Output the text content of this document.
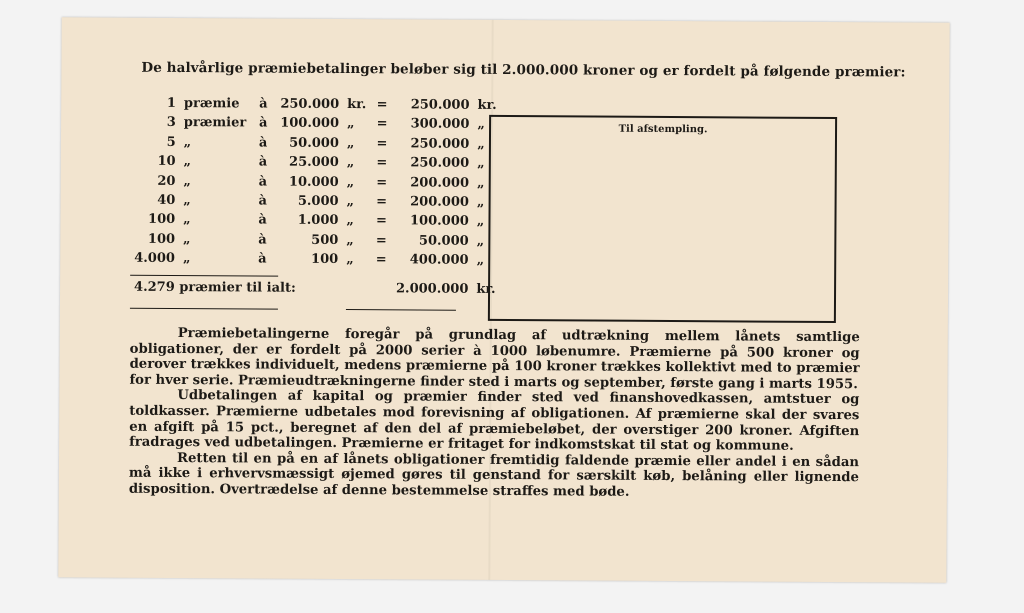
De halvårlige præmiebetalinger beløber sig til 2.000.000 kroner og er fordelt på følgende præmier:
1	præmie	à	250.000	kr.	=	250.000	kr.
3	præmier	à	100.000	„	=	300.000	„
5	„	à	50.000	„	=	250.000	„
10	„	à	25.000	„	=	250.000	„
20	„	à	10.000	„	=	200.000	„
40	„	à	5.000	„	=	200.000	„
100	„	à	1.000	„	=	100.000	„
100	„	à	500	„	=	50.000	„
4.000	„	à	100	„	=	400.000	„
4.279 præmier til ialt:						2.000.000	kr.
Til afstempling.

Præmiebetalingerne foregår på grundlag af udtrækning mellem lånets samtlige obligationer, der er fordelt på 2000 serier à 1000 løbenumre. Præmierne på 500 kroner og derover trækkes individuelt, medens præmierne på 100 kroner trækkes kollektivt med to præmier for hver serie. Præmieudtrækningerne finder sted i marts og september, første gang i marts 1955.

Udbetalingen af kapital og præmier finder sted ved finanshovedkassen, amtstuer og toldkasser. Præmierne udbetales mod forevisning af obligationen. Af præmierne skal der svares en afgift på 15 pct., beregnet af den del af præmiebeløbet, der overstiger 200 kroner. Afgiften fradrages ved udbetalingen. Præmierne er fritaget for indkomstskat til stat og kommune.

Retten til en på en af lånets obligationer fremtidig faldende præmie eller andel i en sådan må ikke i erhvervsmæssigt øjemed gøres til genstand for særskilt køb, belåning eller lignende disposition. Overtrædelse af denne bestemmelse straffes med bøde.
